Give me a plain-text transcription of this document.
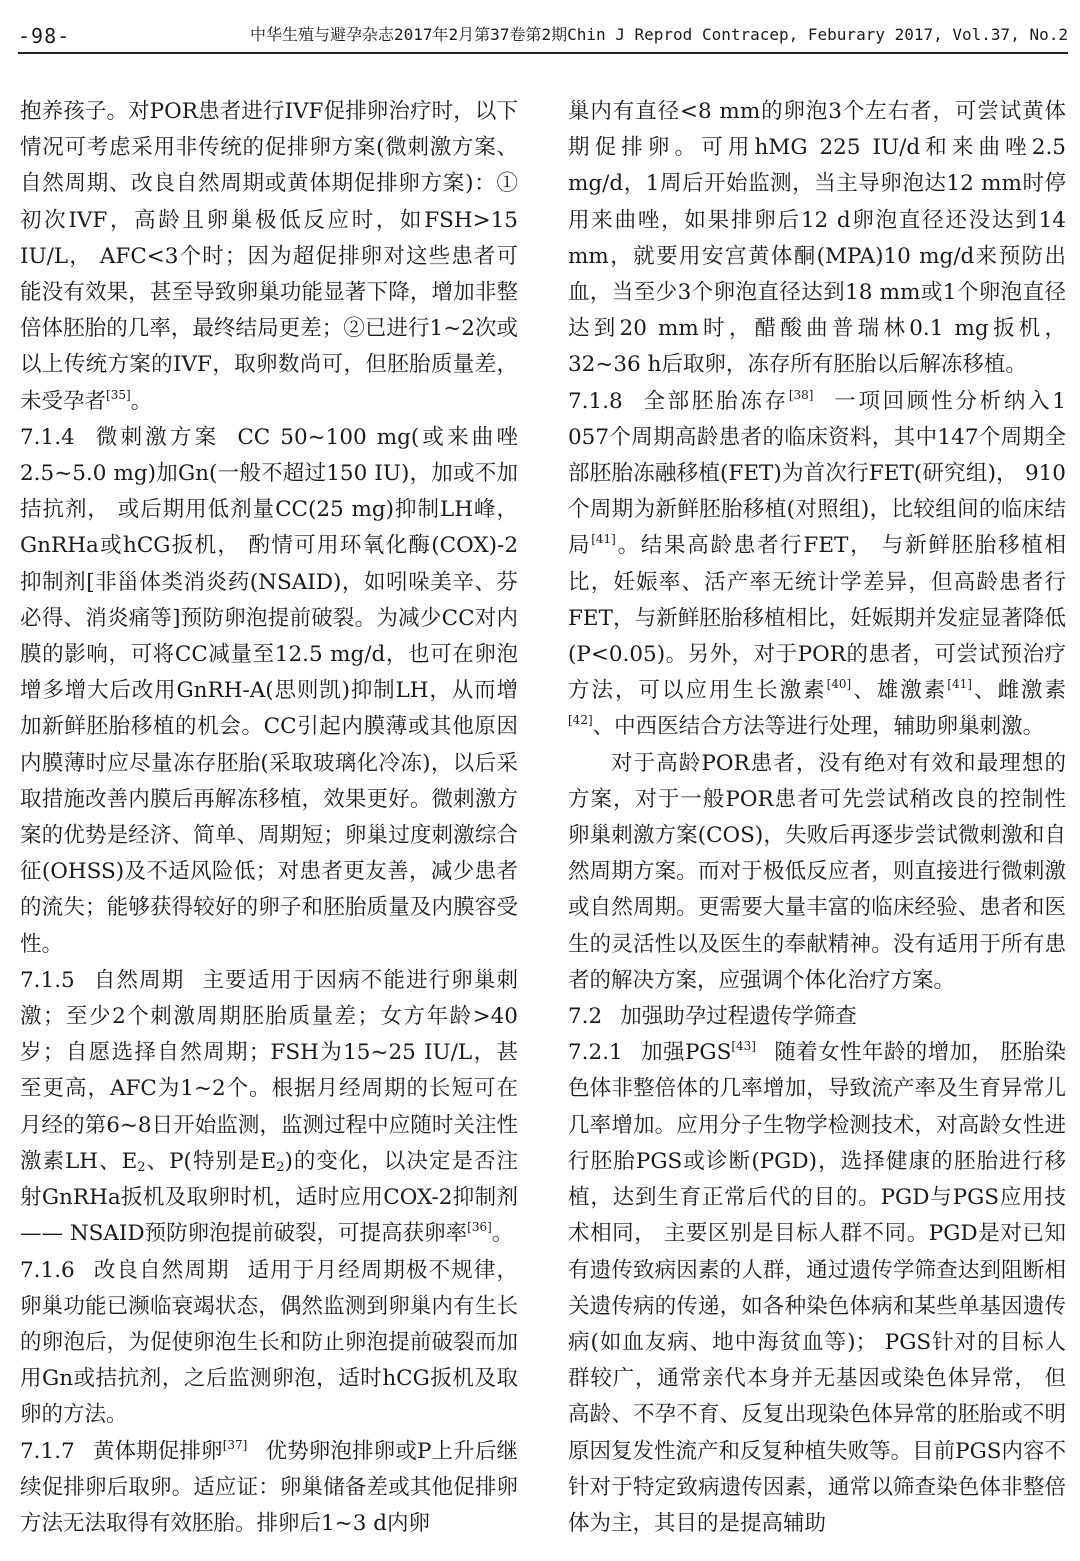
-98-	中华生殖与避孕杂志2017年2月第37卷第2期Chin J Reprod Contracep, Feburary 2017, Vol.37, No.2

抱养孩子。对POR患者进行IVF促排卵治疗时，以下情况可考虑采用非传统的促排卵方案(微刺激方案、自然周期、改良自然周期或黄体期促排卵方案)：①初次IVF，高龄且卵巢极低反应时，如FSH>15 IU/L， AFC<3个时；因为超促排卵对这些患者可能没有效果，甚至导致卵巢功能显著下降，增加非整倍体胚胎的几率，最终结局更差；②已进行1~2次或以上传统方案的IVF，取卵数尚可，但胚胎质量差，未受孕者[35]。

7.1.4 微刺激方案 CC 50~100 mg(或来曲唑2.5~5.0 mg)加Gn(一般不超过150 IU)，加或不加拮抗剂， 或后期用低剂量CC(25 mg)抑制LH峰， GnRHa或hCG扳机， 酌情可用环氧化酶(COX)-2抑制剂[非甾体类消炎药(NSAID)，如吲哚美辛、芬必得、消炎痛等]预防卵泡提前破裂。为减少CC对内膜的影响，可将CC减量至12.5 mg/d，也可在卵泡增多增大后改用GnRH-A(思则凯)抑制LH，从而增加新鲜胚胎移植的机会。CC引起内膜薄或其他原因内膜薄时应尽量冻存胚胎(采取玻璃化冷冻)，以后采取措施改善内膜后再解冻移植，效果更好。微刺激方案的优势是经济、简单、周期短；卵巢过度刺激综合征(OHSS)及不适风险低；对患者更友善，减少患者的流失；能够获得较好的卵子和胚胎质量及内膜容受性。

7.1.5 自然周期 主要适用于因病不能进行卵巢刺激；至少2个刺激周期胚胎质量差；女方年龄>40岁；自愿选择自然周期；FSH为15~25 IU/L，甚至更高，AFC为1~2个。根据月经周期的长短可在月经的第6~8日开始监测，监测过程中应随时关注性激素LH、$E_2$、P(特别是$E_2$)的变化，以决定是否注射GnRHa扳机及取卵时机，适时应用COX-2抑制剂—— NSAID预防卵泡提前破裂，可提高获卵率[36]。

7.1.6 改良自然周期 适用于月经周期极不规律，卵巢功能已濒临衰竭状态，偶然监测到卵巢内有生长的卵泡后，为促使卵泡生长和防止卵泡提前破裂而加用Gn或拮抗剂，之后监测卵泡，适时hCG扳机及取卵的方法。

7.1.7 黄体期促排卵[37] 优势卵泡排卵或P上升后继续促排卵后取卵。适应证：卵巢储备差或其他促排卵方法无法取得有效胚胎。排卵后1~3 d内卵

巢内有直径<8 mm的卵泡3个左右者，可尝试黄体期促排卵。可用hMG 225 IU/d和来曲唑2.5 mg/d，1周后开始监测，当主导卵泡达12 mm时停用来曲唑，如果排卵后12 d卵泡直径还没达到14 mm，就要用安宫黄体酮(MPA)10 mg/d来预防出血，当至少3个卵泡直径达到18 mm或1个卵泡直径达到20 mm时，醋酸曲普瑞林0.1 mg扳机，32~36 h后取卵，冻存所有胚胎以后解冻移植。

7.1.8 全部胚胎冻存[38] 一项回顾性分析纳入1 057个周期高龄患者的临床资料，其中147个周期全部胚胎冻融移植(FET)为首次行FET(研究组)， 910个周期为新鲜胚胎移植(对照组)，比较组间的临床结局[41]。结果高龄患者行FET， 与新鲜胚胎移植相比，妊娠率、活产率无统计学差异，但高龄患者行FET，与新鲜胚胎移植相比，妊娠期并发症显著降低(P<0.05)。另外，对于POR的患者，可尝试预治疗方法，可以应用生长激素[40]、雄激素[41]、雌激素[42]、中西医结合方法等进行处理，辅助卵巢刺激。

对于高龄POR患者，没有绝对有效和最理想的方案，对于一般POR患者可先尝试稍改良的控制性卵巢刺激方案(COS)，失败后再逐步尝试微刺激和自然周期方案。而对于极低反应者，则直接进行微刺激或自然周期。更需要大量丰富的临床经验、患者和医生的灵活性以及医生的奉献精神。没有适用于所有患者的解决方案，应强调个体化治疗方案。

7.2 加强助孕过程遗传学筛查

7.2.1 加强PGS[43] 随着女性年龄的增加， 胚胎染色体非整倍体的几率增加，导致流产率及生育异常儿几率增加。应用分子生物学检测技术，对高龄女性进行胚胎PGS或诊断(PGD)，选择健康的胚胎进行移植，达到生育正常后代的目的。PGD与PGS应用技术相同， 主要区别是目标人群不同。PGD是对已知有遗传致病因素的人群，通过遗传学筛查达到阻断相关遗传病的传递，如各种染色体病和某些单基因遗传病(如血友病、地中海贫血等)； PGS针对的目标人群较广，通常亲代本身并无基因或染色体异常， 但高龄、不孕不育、反复出现染色体异常的胚胎或不明原因复发性流产和反复种植失败等。目前PGS内容不针对于特定致病遗传因素，通常以筛查染色体非整倍体为主，其目的是提高辅助
